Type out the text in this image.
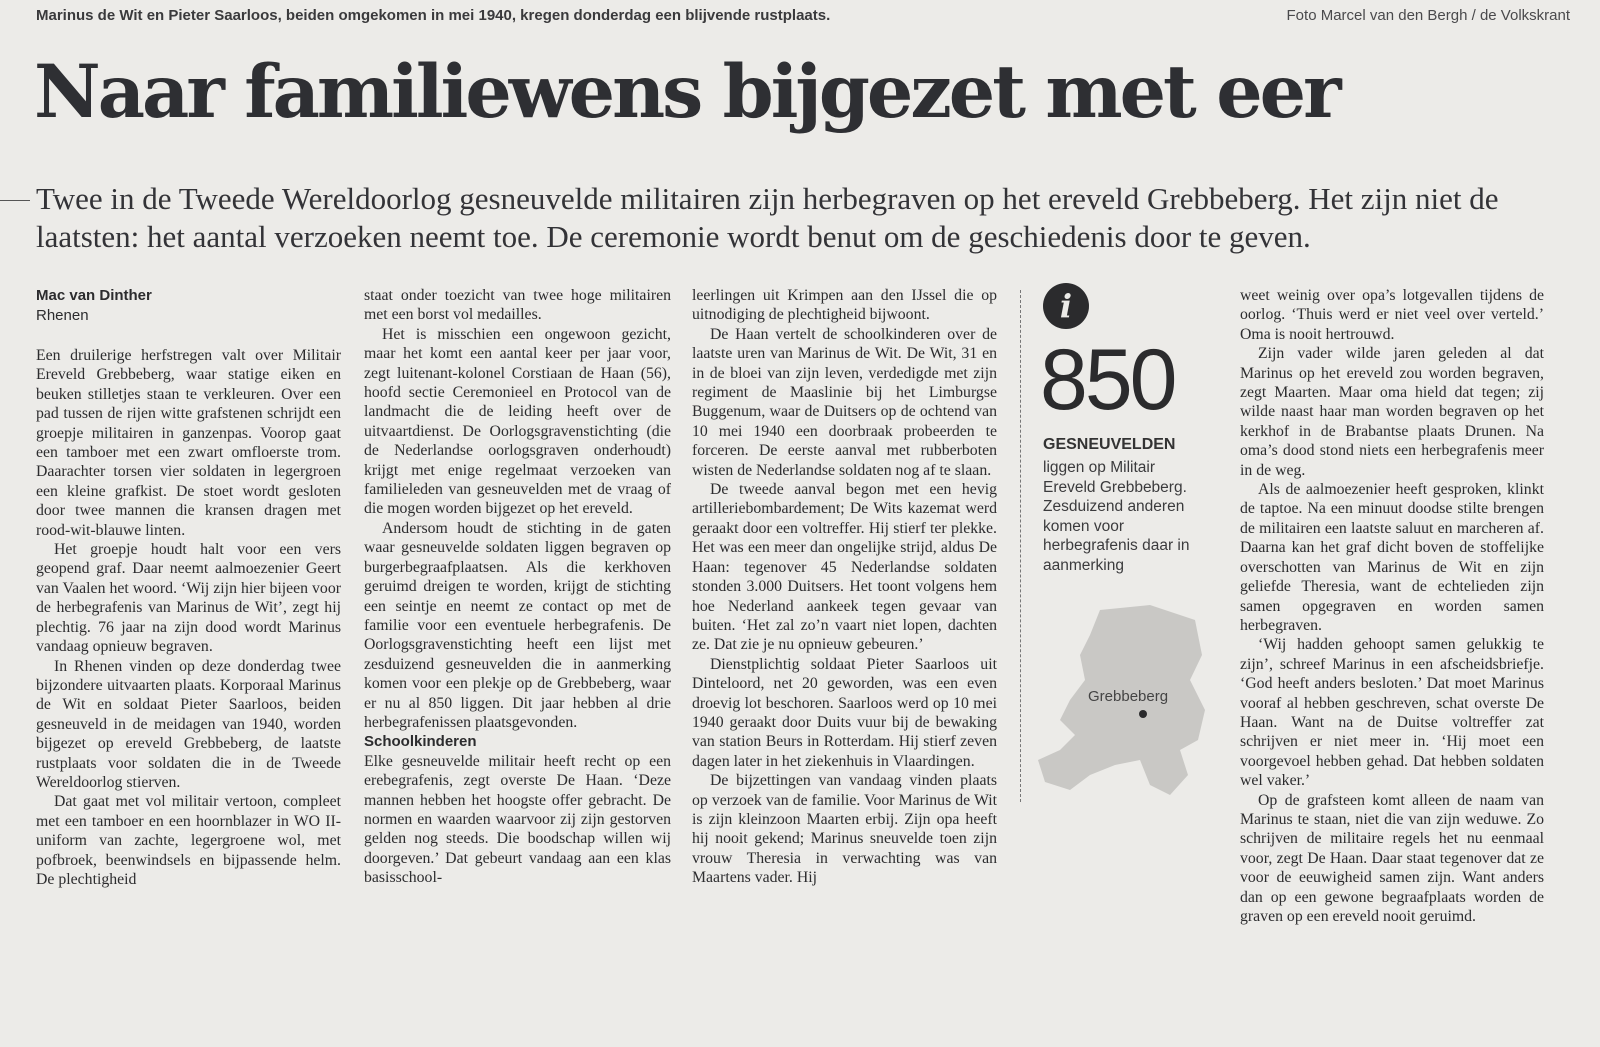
Marinus de Wit en Pieter Saarloos, beiden omgekomen in mei 1940, kregen donderdag een blijvende rustplaats.	Foto Marcel van den Bergh / de Volkskrant
Naar familiewens bijgezet met eer
Twee in de Tweede Wereldoorlog gesneuvelde militairen zijn herbegraven op het ereveld Grebbeberg. Het zijn niet de laatsten: het aantal verzoeken neemt toe. De ceremonie wordt benut om de geschiedenis door te geven.
Mac van Dinther
Rhenen

Een druilerige herfstregen valt over Militair Ereveld Grebbeberg, waar statige eiken en beuken stilletjes staan te verkleuren. Over een pad tussen de rijen witte grafstenen schrijdt een groepje militairen in ganzenpas. Voorop gaat een tamboer met een zwart omfloerste trom. Daarachter torsen vier soldaten in legergroen een kleine grafkist. De stoet wordt gesloten door twee mannen die kransen dragen met rood-wit-blauwe linten.

Het groepje houdt halt voor een vers geopend graf. Daar neemt aalmoezenier Geert van Vaalen het woord. ‘Wij zijn hier bijeen voor de herbegrafenis van Marinus de Wit’, zegt hij plechtig. 76 jaar na zijn dood wordt Marinus vandaag opnieuw begraven.

In Rhenen vinden op deze donderdag twee bijzondere uitvaarten plaats. Korporaal Marinus de Wit en soldaat Pieter Saarloos, beiden gesneuveld in de meidagen van 1940, worden bijgezet op ereveld Grebbeberg, de laatste rustplaats voor soldaten die in de Tweede Wereldoorlog stierven.

Dat gaat met vol militair vertoon, compleet met een tamboer en een hoornblazer in WO II-uniform van zachte, legergroene wol, met pofbroek, beenwindsels en bijpassende helm. De plechtigheid

staat onder toezicht van twee hoge militairen met een borst vol medailles.

Het is misschien een ongewoon gezicht, maar het komt een aantal keer per jaar voor, zegt luitenant-kolonel Corstiaan de Haan (56), hoofd sectie Ceremonieel en Protocol van de landmacht die de leiding heeft over de uitvaartdienst. De Oorlogsgravenstichting (die de Nederlandse oorlogsgraven onderhoudt) krijgt met enige regelmaat verzoeken van familieleden van gesneuvelden met de vraag of die mogen worden bijgezet op het ereveld.

Andersom houdt de stichting in de gaten waar gesneuvelde soldaten liggen begraven op burgerbegraafplaatsen. Als die kerkhoven geruimd dreigen te worden, krijgt de stichting een seintje en neemt ze contact op met de familie voor een eventuele herbegrafenis. De Oorlogsgravenstichting heeft een lijst met zesduizend gesneuvelden die in aanmerking komen voor een plekje op de Grebbeberg, waar er nu al 850 liggen. Dit jaar hebben al drie herbegrafenissen plaatsgevonden.

Schoolkinderen

Elke gesneuvelde militair heeft recht op een erebegrafenis, zegt overste De Haan. ‘Deze mannen hebben het hoogste offer gebracht. De normen en waarden waarvoor zij zijn gestorven gelden nog steeds. Die boodschap willen wij doorgeven.’ Dat gebeurt vandaag aan een klas basisschool-

leerlingen uit Krimpen aan den IJssel die op uitnodiging de plechtigheid bijwoont.

De Haan vertelt de schoolkinderen over de laatste uren van Marinus de Wit. De Wit, 31 en in de bloei van zijn leven, verdedigde met zijn regiment de Maaslinie bij het Limburgse Buggenum, waar de Duitsers op de ochtend van 10 mei 1940 een doorbraak probeerden te forceren. De eerste aanval met rubberboten wisten de Nederlandse soldaten nog af te slaan.

De tweede aanval begon met een hevig artilleriebombardement; De Wits kazemat werd geraakt door een voltreffer. Hij stierf ter plekke. Het was een meer dan ongelijke strijd, aldus De Haan: tegenover 45 Nederlandse soldaten stonden 3.000 Duitsers. Het toont volgens hem hoe Nederland aankeek tegen gevaar van buiten. ‘Het zal zo’n vaart niet lopen, dachten ze. Dat zie je nu opnieuw gebeuren.’

Dienstplichtig soldaat Pieter Saarloos uit Dinteloord, net 20 geworden, was een even droevig lot beschoren. Saarloos werd op 10 mei 1940 geraakt door Duits vuur bij de bewaking van station Beurs in Rotterdam. Hij stierf zeven dagen later in het ziekenhuis in Vlaardingen.

De bijzettingen van vandaag vinden plaats op verzoek van de familie. Voor Marinus de Wit is zijn kleinzoon Maarten erbij. Zijn opa heeft hij nooit gekend; Marinus sneuvelde toen zijn vrouw Theresia in verwachting was van Maartens vader. Hij

i
850
GESNEUVELDEN
liggen op Militair Ereveld Grebbeberg. Zesduizend anderen komen voor herbegrafenis daar in aanmerking
Grebbeberg

weet weinig over opa’s lotgevallen tijdens de oorlog. ‘Thuis werd er niet veel over verteld.’ Oma is nooit hertrouwd.

Zijn vader wilde jaren geleden al dat Marinus op het ereveld zou worden begraven, zegt Maarten. Maar oma hield dat tegen; zij wilde naast haar man worden begraven op het kerkhof in de Brabantse plaats Drunen. Na oma’s dood stond niets een herbegrafenis meer in de weg.

Als de aalmoezenier heeft gesproken, klinkt de taptoe. Na een minuut doodse stilte brengen de militairen een laatste saluut en marcheren af. Daarna kan het graf dicht boven de stoffelijke overschotten van Marinus de Wit en zijn geliefde Theresia, want de echtelieden zijn samen opgegraven en worden samen herbegraven.

‘Wij hadden gehoopt samen gelukkig te zijn’, schreef Marinus in een afscheidsbriefje. ‘God heeft anders besloten.’ Dat moet Marinus vooraf al hebben geschreven, schat overste De Haan. Want na de Duitse voltreffer zat schrijven er niet meer in. ‘Hij moet een voorgevoel hebben gehad. Dat hebben soldaten wel vaker.’

Op de grafsteen komt alleen de naam van Marinus te staan, niet die van zijn weduwe. Zo schrijven de militaire regels het nu eenmaal voor, zegt De Haan. Daar staat tegenover dat ze voor de eeuwigheid samen zijn. Want anders dan op een gewone begraafplaats worden de graven op een ereveld nooit geruimd.
